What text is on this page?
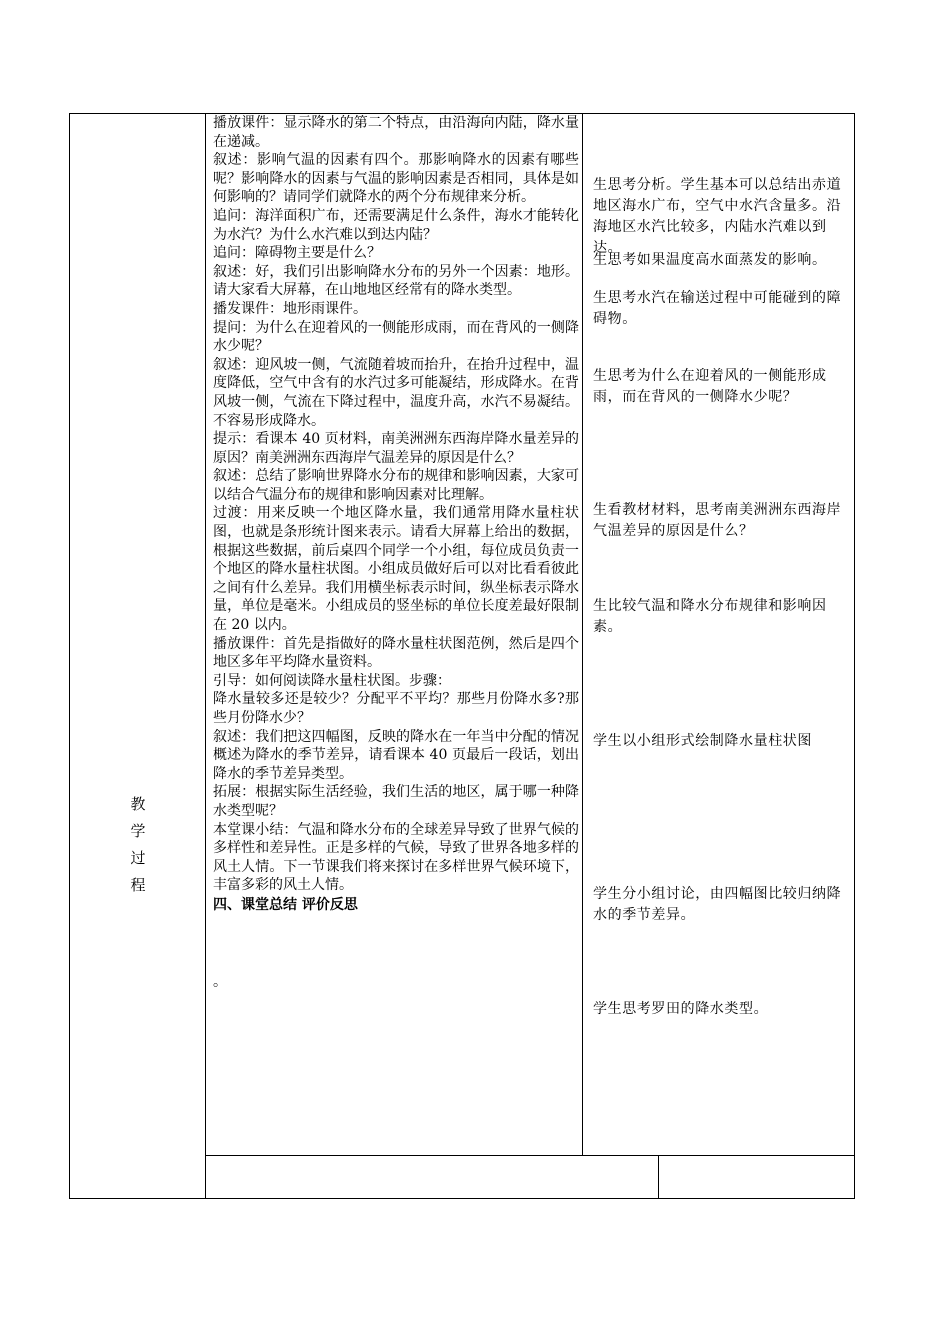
教
学
过
程

播放课件：显示降水的第二个特点，由沿海向内陆，降水量在递减。

叙述：影响气温的因素有四个。那影响降水的因素有哪些呢？影响降水的因素与气温的影响因素是否相同，具体是如何影响的？请同学们就降水的两个分布规律来分析。

追问：海洋面积广布，还需要满足什么条件，海水才能转化为水汽？为什么水汽难以到达内陆？

追问：障碍物主要是什么？

叙述：好，我们引出影响降水分布的另外一个因素：地形。请大家看大屏幕，在山地地区经常有的降水类型。

播发课件：地形雨课件。

提问：为什么在迎着风的一侧能形成雨，而在背风的一侧降水少呢？

叙述：迎风坡一侧，气流随着坡而抬升，在抬升过程中，温度降低，空气中含有的水汽过多可能凝结，形成降水。在背风坡一侧，气流在下降过程中，温度升高，水汽不易凝结。不容易形成降水。

提示：看课本 40 页材料，南美洲洲东西海岸降水量差异的原因？南美洲洲东西海岸气温差异的原因是什么？

叙述：总结了影响世界降水分布的规律和影响因素，大家可以结合气温分布的规律和影响因素对比理解。

过渡：用来反映一个地区降水量，我们通常用降水量柱状图，也就是条形统计图来表示。请看大屏幕上给出的数据，根据这些数据，前后桌四个同学一个小组，每位成员负责一个地区的降水量柱状图。小组成员做好后可以对比看看彼此之间有什么差异。我们用横坐标表示时间，纵坐标表示降水量，单位是毫米。小组成员的竖坐标的单位长度差最好限制在 20 以内。

播放课件：首先是指做好的降水量柱状图范例，然后是四个地区多年平均降水量资料。

引导：如何阅读降水量柱状图。步骤：

降水量较多还是较少？分配平不平均？那些月份降水多?那些月份降水少？

叙述：我们把这四幅图，反映的降水在一年当中分配的情况概述为降水的季节差异，请看课本 40 页最后一段话，划出降水的季节差异类型。

拓展：根据实际生活经验，我们生活的地区，属于哪一种降水类型呢？

本堂课小结：气温和降水分布的全球差异导致了世界气候的多样性和差异性。正是多样的气候，导致了世界各地多样的风土人情。下一节课我们将来探讨在多样世界气候环境下，丰富多彩的风土人情。

四、课堂总结 评价反思

。

生思考分析。学生基本可以总结出赤道地区海水广布，空气中水汽含量多。沿海地区水汽比较多，内陆水汽难以到达。

生思考如果温度高水面蒸发的影响。

生思考水汽在输送过程中可能碰到的障碍物。

生思考为什么在迎着风的一侧能形成雨，而在背风的一侧降水少呢？

生看教材材料，思考南美洲洲东西海岸气温差异的原因是什么？

生比较气温和降水分布规律和影响因素。

学生以小组形式绘制降水量柱状图

学生分小组讨论，由四幅图比较归纳降水的季节差异。

学生思考罗田的降水类型。
